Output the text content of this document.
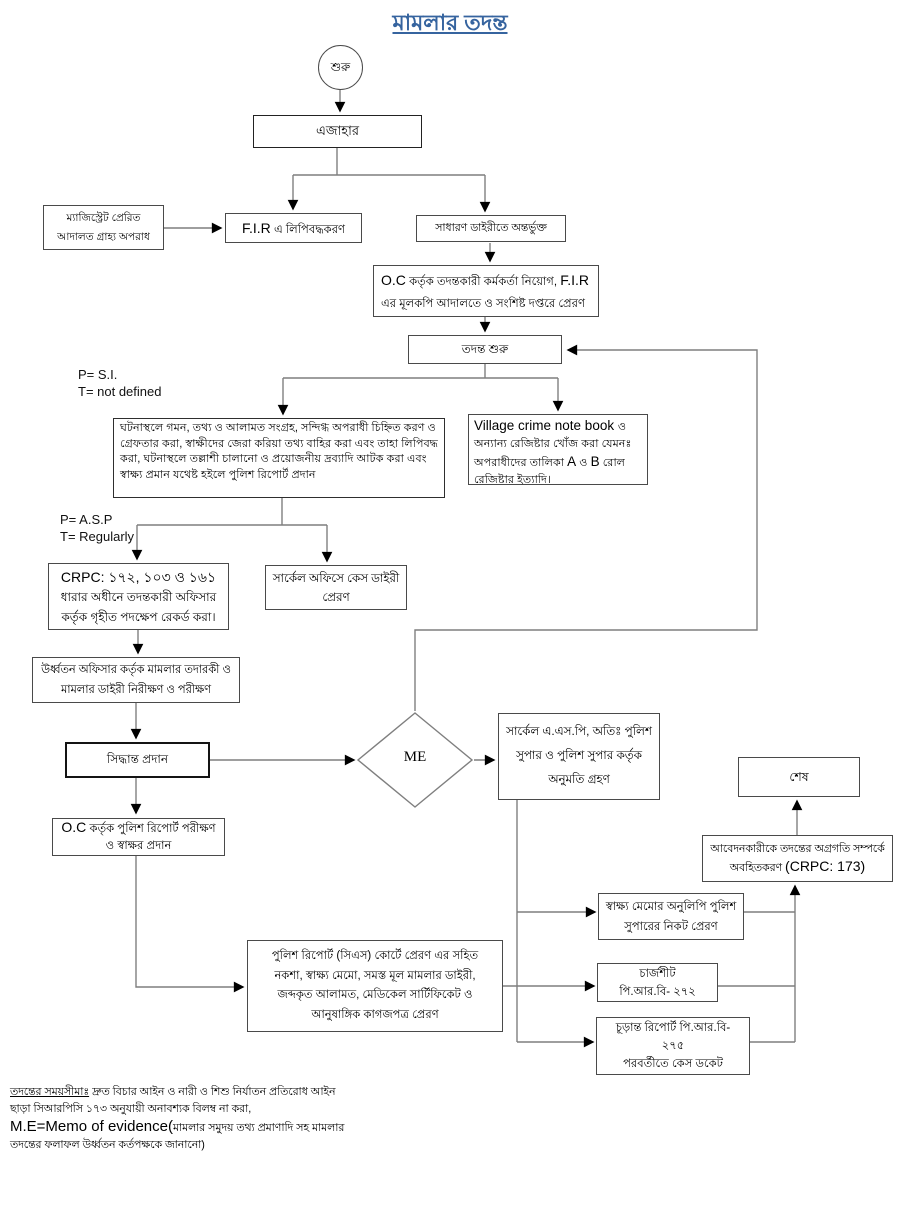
মামলার তদন্ত
শুরু
এজাহার
ম্যাজিস্ট্রেট প্রেরিত
আদালত গ্রাহ্য অপরাধ
F.I.R এ লিপিবদ্ধকরণ	সাধারণ ডাইরীতে অন্তর্ভুক্ত
O.C কর্তৃক তদন্তকারী কর্মকর্তা নিয়োগ, F.I.R
এর মূলকপি আদালতে ও সংশিষ্ট দপ্তরে প্রেরণ
তদন্ত শুরু
P= S.I.
T= not defined
ঘটনাস্থলে গমন, তথ্য ও আলামত সংগ্রহ, সন্দিগ্ধ অপরাধী চিহ্নিত করণ ও গ্রেফতার করা, স্বাক্ষীদের জেরা করিয়া তথ্য বাহির করা এবং তাহা লিপিবদ্ধ করা, ঘটনাস্থলে তল্লাশী চালানো ও প্রয়োজনীয় দ্রব্যাদি আটক করা এবং স্বাক্ষ্য প্রমান যথেষ্ট হইলে পুলিশ রিপোর্ট প্রদান
Village crime note book ও অন্যান্য রেজিষ্টার খোঁজ করা যেমনঃ অপরাধীদের তালিকা A ও B রোল রেজিষ্টার ইত্যাদি।
P= A.S.P
T= Regularly
CRPC: ১৭২, ১০৩ ও ১৬১
ধারার অধীনে তদন্তকারী অফিসার
কর্তৃক গৃহীত পদক্ষেপ রেকর্ড করা।
সার্কেল অফিসে কেস ডাইরী প্রেরণ
উর্ধ্বতন অফিসার কর্তৃক মামলার তদারকী ও মামলার ডাইরী নিরীক্ষণ ও পরীক্ষণ
সিদ্ধান্ত প্রদান	ME
সার্কেল এ.এস.পি, অতিঃ পুলিশ সুপার ও পুলিশ সুপার কর্তৃক অনুমতি গ্রহণ	শেষ
O.C কর্তৃক পুলিশ রিপোর্ট পরীক্ষণ ও স্বাক্ষর প্রদান	আবেদনকারীকে তদন্তের অগ্রগতি সম্পর্কে
অবহিতকরণ (CRPC: 173)
স্বাক্ষ্য মেমোর অনুলিপি পুলিশ সুপারের নিকট প্রেরণ
পুলিশ রিপোর্ট (সিএস) কোর্টে প্রেরণ এর সহিত নকশা, স্বাক্ষ্য মেমো, সমস্ত মূল মামলার ডাইরী, জব্দকৃত আলামত, মেডিকেল সার্টিফিকেট ও আনুষাঙ্গিক কাগজপত্র প্রেরণ
চার্জশীট
পি.আর.বি- ২৭২
চূড়ান্ত রিপোর্ট পি.আর.বি-
২৭৫
পরবর্তীতে কেস ডকেট
তদন্তের সময়সীমাঃ দ্রুত বিচার আইন ও নারী ও শিশু নির্যাতন প্রতিরোধ আইন
ছাড়া সিআরপিসি ১৭৩ অনুযায়ী অনাবশ্যক বিলম্ব না করা,
M.E=Memo of evidence(মামলার সমুদয় তথ্য প্রমাণাদি সহ মামলার
তদন্তের ফলাফল উর্ধ্বতন কর্তপক্ষকে জানানো)
